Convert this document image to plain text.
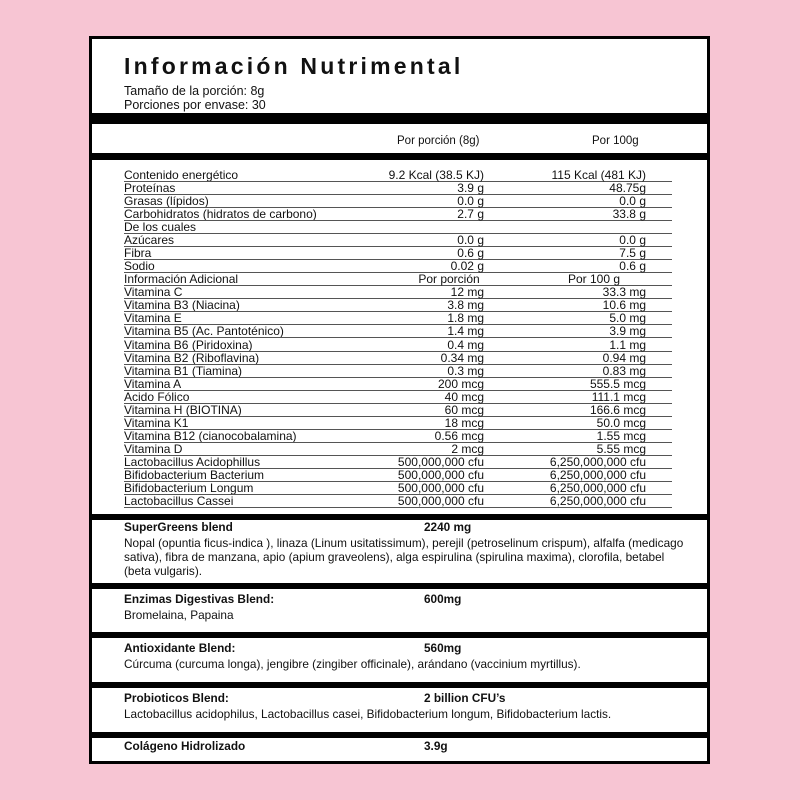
Información Nutrimental
Tamaño de la porción: 8g
Porciones por envase: 30
Por porción (8g)	Por 100g
Contenido energético	9.2 Kcal (38.5 KJ)	115 Kcal (481 KJ)
Proteínas	3.9 g	48.75g
Grasas (lípidos)	0.0 g	0.0 g
Carbohidratos (hidratos de carbono)	2.7 g	33.8 g
De los cuales
Azúcares	0.0 g	0.0 g
Fibra	0.6 g	7.5 g
Sodio	0.02 g	0.6 g
Información Adicional	Por porción	Por 100 g
Vitamina C	12 mg	33.3 mg
Vitamina B3 (Niacina)	3.8 mg	10.6 mg
Vitamina E	1.8 mg	5.0 mg
Vitamina B5 (Ac. Pantoténico)	1.4 mg	3.9 mg
Vitamina B6 (Piridoxina)	0.4 mg	1.1 mg
Vitamina B2 (Riboflavina)	0.34 mg	0.94 mg
Vitamina B1 (Tiamina)	0.3 mg	0.83 mg
Vitamina A	200 mcg	555.5 mcg
Acido Fólico	40 mcg	111.1 mcg
Vitamina H (BIOTINA)	60 mcg	166.6 mcg
Vitamina K1	18 mcg	50.0 mcg
Vitamina B12 (cianocobalamina)	0.56 mcg	1.55 mcg
Vitamina D	2 mcg	5.55 mcg
Lactobacillus Acidophillus	500,000,000 cfu	6,250,000,000 cfu
Bifidobacterium Bacterium	500,000,000 cfu	6,250,000,000 cfu
Bifidobacterium Longum	500,000,000 cfu	6,250,000,000 cfu
Lactobacillus Cassei	500,000,000 cfu	6,250,000,000 cfu
SuperGreens blend	2240 mg
Nopal (opuntia ficus-indica ), linaza (Linum usitatissimum), perejil (petroselinum crispum), alfalfa (medicago sativa), fibra de manzana, apio (apium graveolens), alga espirulina (spirulina maxima), clorofila, betabel (beta vulgaris).
Enzimas Digestivas Blend:	600mg
Bromelaina, Papaina
Antioxidante Blend:	560mg
Cúrcuma (curcuma longa), jengibre (zingiber officinale), arándano (vaccinium myrtillus).
Probioticos Blend:	2 billion CFU’s
Lactobacillus acidophilus, Lactobacillus casei, Bifidobacterium longum, Bifidobacterium lactis.
Colágeno Hidrolizado	3.9g
